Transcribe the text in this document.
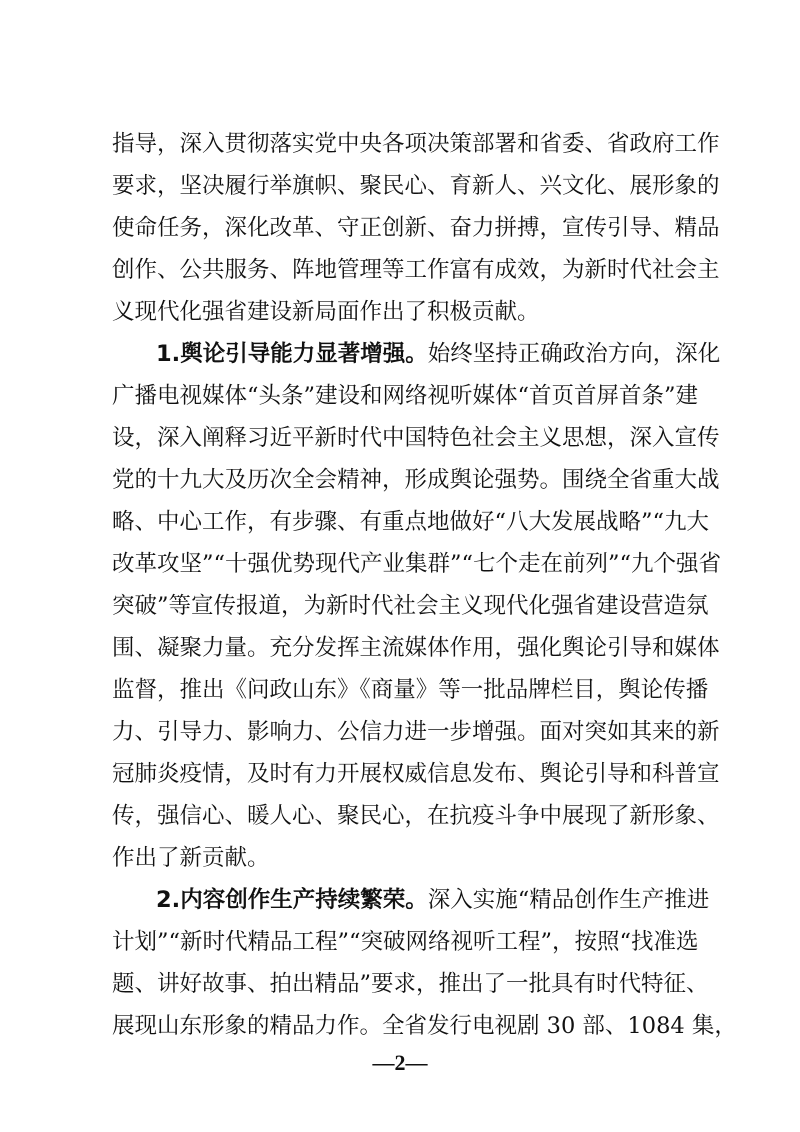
指导，深入贯彻落实党中央各项决策部署和省委、省政府工作
要求，坚决履行举旗帜、聚民心、育新人、兴文化、展形象的
使命任务，深化改革、守正创新、奋力拼搏，宣传引导、精品
创作、公共服务、阵地管理等工作富有成效，为新时代社会主
义现代化强省建设新局面作出了积极贡献。
1.舆论引导能力显著增强。始终坚持正确政治方向，深化
广播电视媒体“头条”建设和网络视听媒体“首页首屏首条”建
设，深入阐释习近平新时代中国特色社会主义思想，深入宣传
党的十九大及历次全会精神，形成舆论强势。围绕全省重大战
略、中心工作，有步骤、有重点地做好“八大发展战略”“九大
改革攻坚”“十强优势现代产业集群”“七个走在前列”“九个强省
突破”等宣传报道，为新时代社会主义现代化强省建设营造氛
围、凝聚力量。充分发挥主流媒体作用，强化舆论引导和媒体
监督，推出《问政山东》《商量》等一批品牌栏目，舆论传播
力、引导力、影响力、公信力进一步增强。面对突如其来的新
冠肺炎疫情，及时有力开展权威信息发布、舆论引导和科普宣
传，强信心、暖人心、聚民心，在抗疫斗争中展现了新形象、
作出了新贡献。
2.内容创作生产持续繁荣。深入实施“精品创作生产推进
计划”“新时代精品工程”“突破网络视听工程”，按照“找准选
题、讲好故事、拍出精品”要求，推出了一批具有时代特征、
展现山东形象的精品力作。全省发行电视剧 30 部、1084 集，
—2—
